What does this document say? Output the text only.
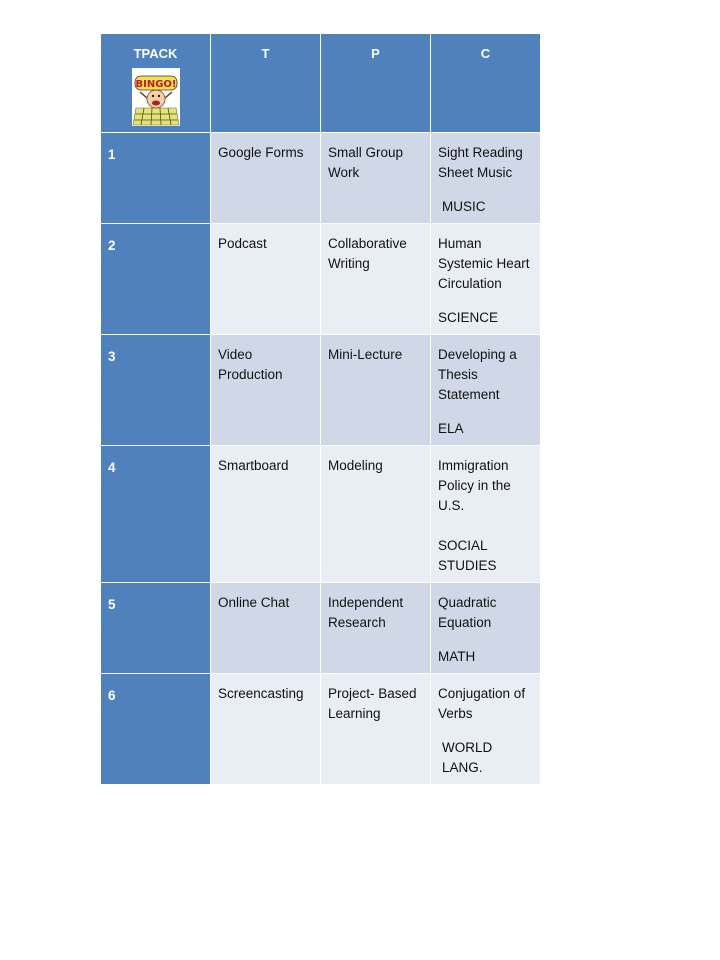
TPACK
BINGO!	T	P	C
1	Google Forms	Small Group Work	Sight Reading Sheet Music
MUSIC

2	Podcast	Collaborative Writing	Human Systemic Heart Circulation
SCIENCE

3	Video Production	Mini-Lecture	Developing a Thesis Statement
ELA

4	Smartboard	Modeling	Immigration Policy in the U.S.
SOCIAL STUDIES

5	Online Chat	Independent Research	Quadratic Equation
MATH

6	Screencasting	Project- Based Learning	Conjugation of Verbs
WORLD LANG.
